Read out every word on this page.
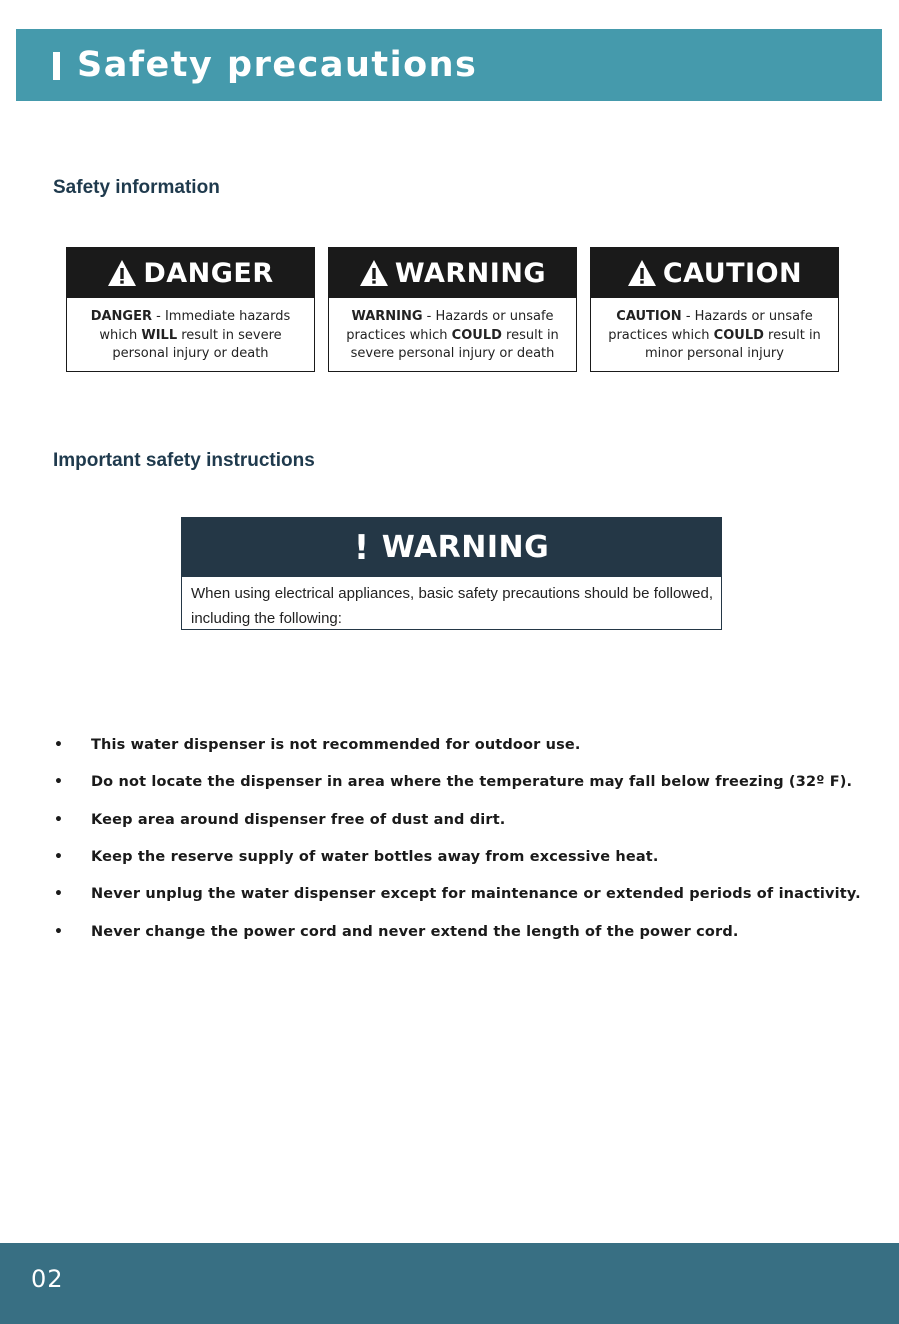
Safety precautions
Safety information
DANGER
DANGER - Immediate hazards
which WILL result in severe
personal injury or death
WARNING
WARNING - Hazards or unsafe
practices which COULD result in
severe personal injury or death
CAUTION
CAUTION - Hazards or unsafe
practices which COULD result in
minor personal injury
Important safety instructions
! WARNING
When using electrical appliances, basic safety precautions should be followed, including the following:
• This water dispenser is not recommended for outdoor use.
• Do not locate the dispenser in area where the temperature may fall below freezing (32º F).
• Keep area around dispenser free of dust and dirt.
• Keep the reserve supply of water bottles away from excessive heat.
• Never unplug the water dispenser except for maintenance or extended periods of inactivity.
• Never change the power cord and never extend the length of the power cord.
02
